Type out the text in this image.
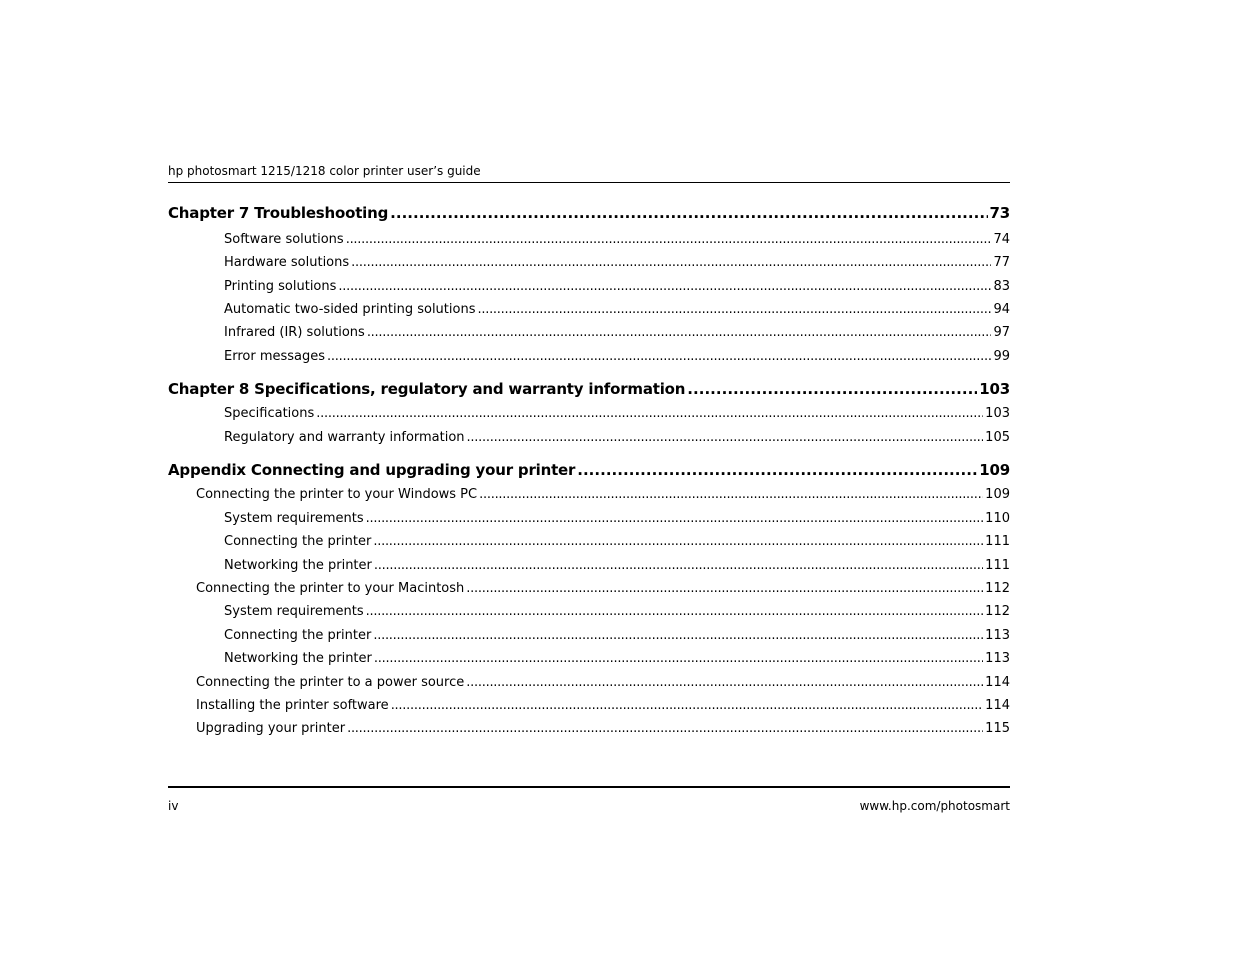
hp photosmart 1215/1218 color printer user’s guide
Chapter 7 Troubleshooting . . .	73
Software solutions . . .	74
Hardware solutions . . .	77
Printing solutions . . .	83
Automatic two-sided printing solutions . . .	94
Infrared (IR) solutions . . .	97
Error messages . . .	99
Chapter 8 Specifications, regulatory and warranty information . . .	103
Specifications . . .	103
Regulatory and warranty information . . .	105
Appendix Connecting and upgrading your printer . . .	109
Connecting the printer to your Windows PC . . .	109
System requirements . . .	110
Connecting the printer . . .	111
Networking the printer . . .	111
Connecting the printer to your Macintosh . . .	112
System requirements . . .	112
Connecting the printer . . .	113
Networking the printer . . .	113
Connecting the printer to a power source . . .	114
Installing the printer software . . .	114
Upgrading your printer . . .	115
iv	www.hp.com/photosmart
